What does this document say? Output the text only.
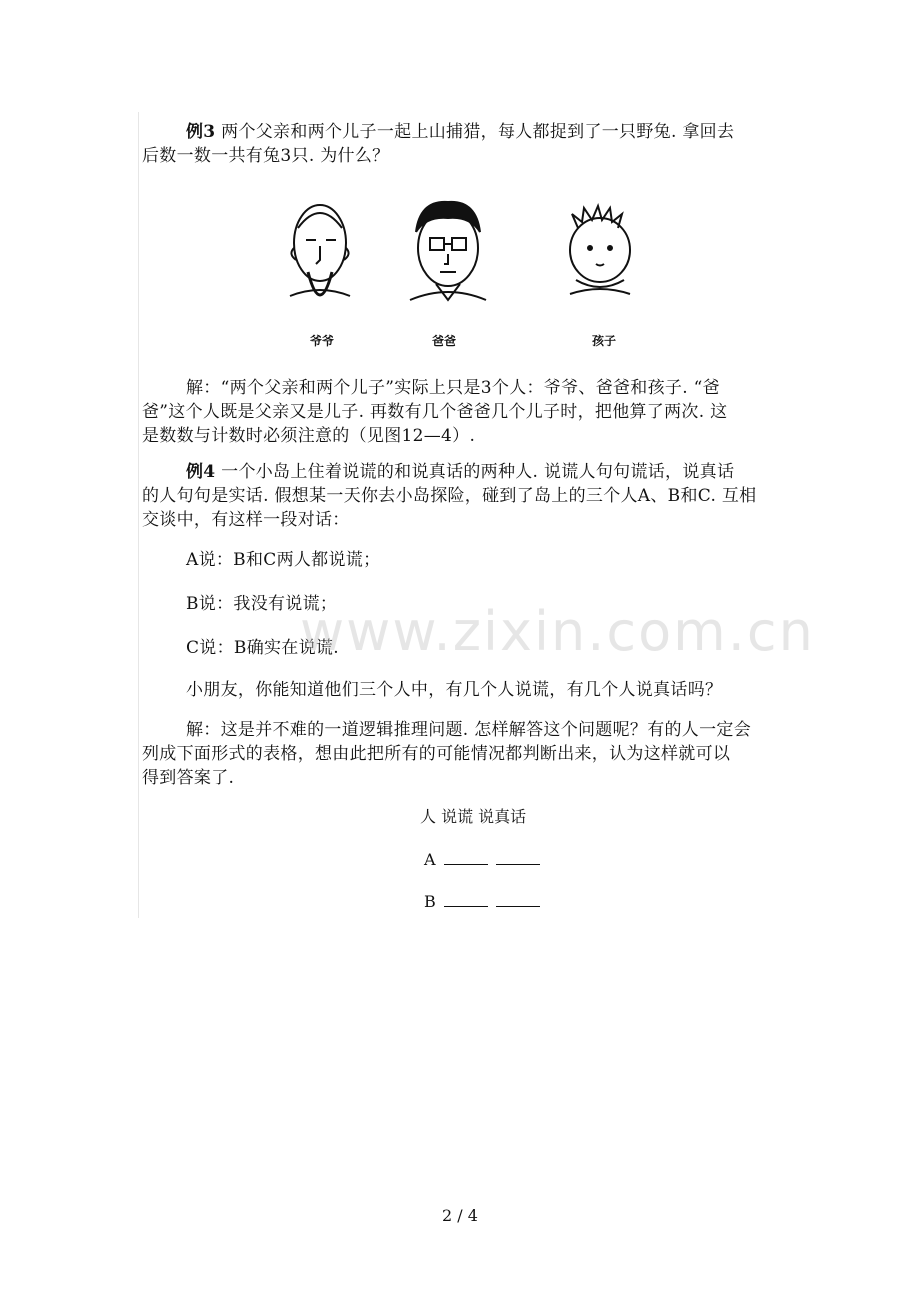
例3 两个父亲和两个儿子一起上山捕猎，每人都捉到了一只野兔. 拿回去
后数一数一共有兔3只. 为什么？
爷爷	爸爸	孩子
解：“两个父亲和两个儿子”实际上只是3个人：爷爷、爸爸和孩子. “爸
爸”这个人既是父亲又是儿子. 再数有几个爸爸几个儿子时，把他算了两次. 这
是数数与计数时必须注意的（见图12—4）.
例4 一个小岛上住着说谎的和说真话的两种人. 说谎人句句谎话，说真话
的人句句是实话. 假想某一天你去小岛探险，碰到了岛上的三个人A、B和C. 互相
交谈中，有这样一段对话：
A说：B和C两人都说谎；
B说：我没有说谎；
C说：B确实在说谎.
小朋友，你能知道他们三个人中，有几个人说谎，有几个人说真话吗？
解：这是并不难的一道逻辑推理问题. 怎样解答这个问题呢？有的人一定会
列成下面形式的表格，想由此把所有的可能情况都判断出来，认为这样就可以
得到答案了.
人 说谎 说真话
A
B
www.zixin.com.cn
2 / 4
